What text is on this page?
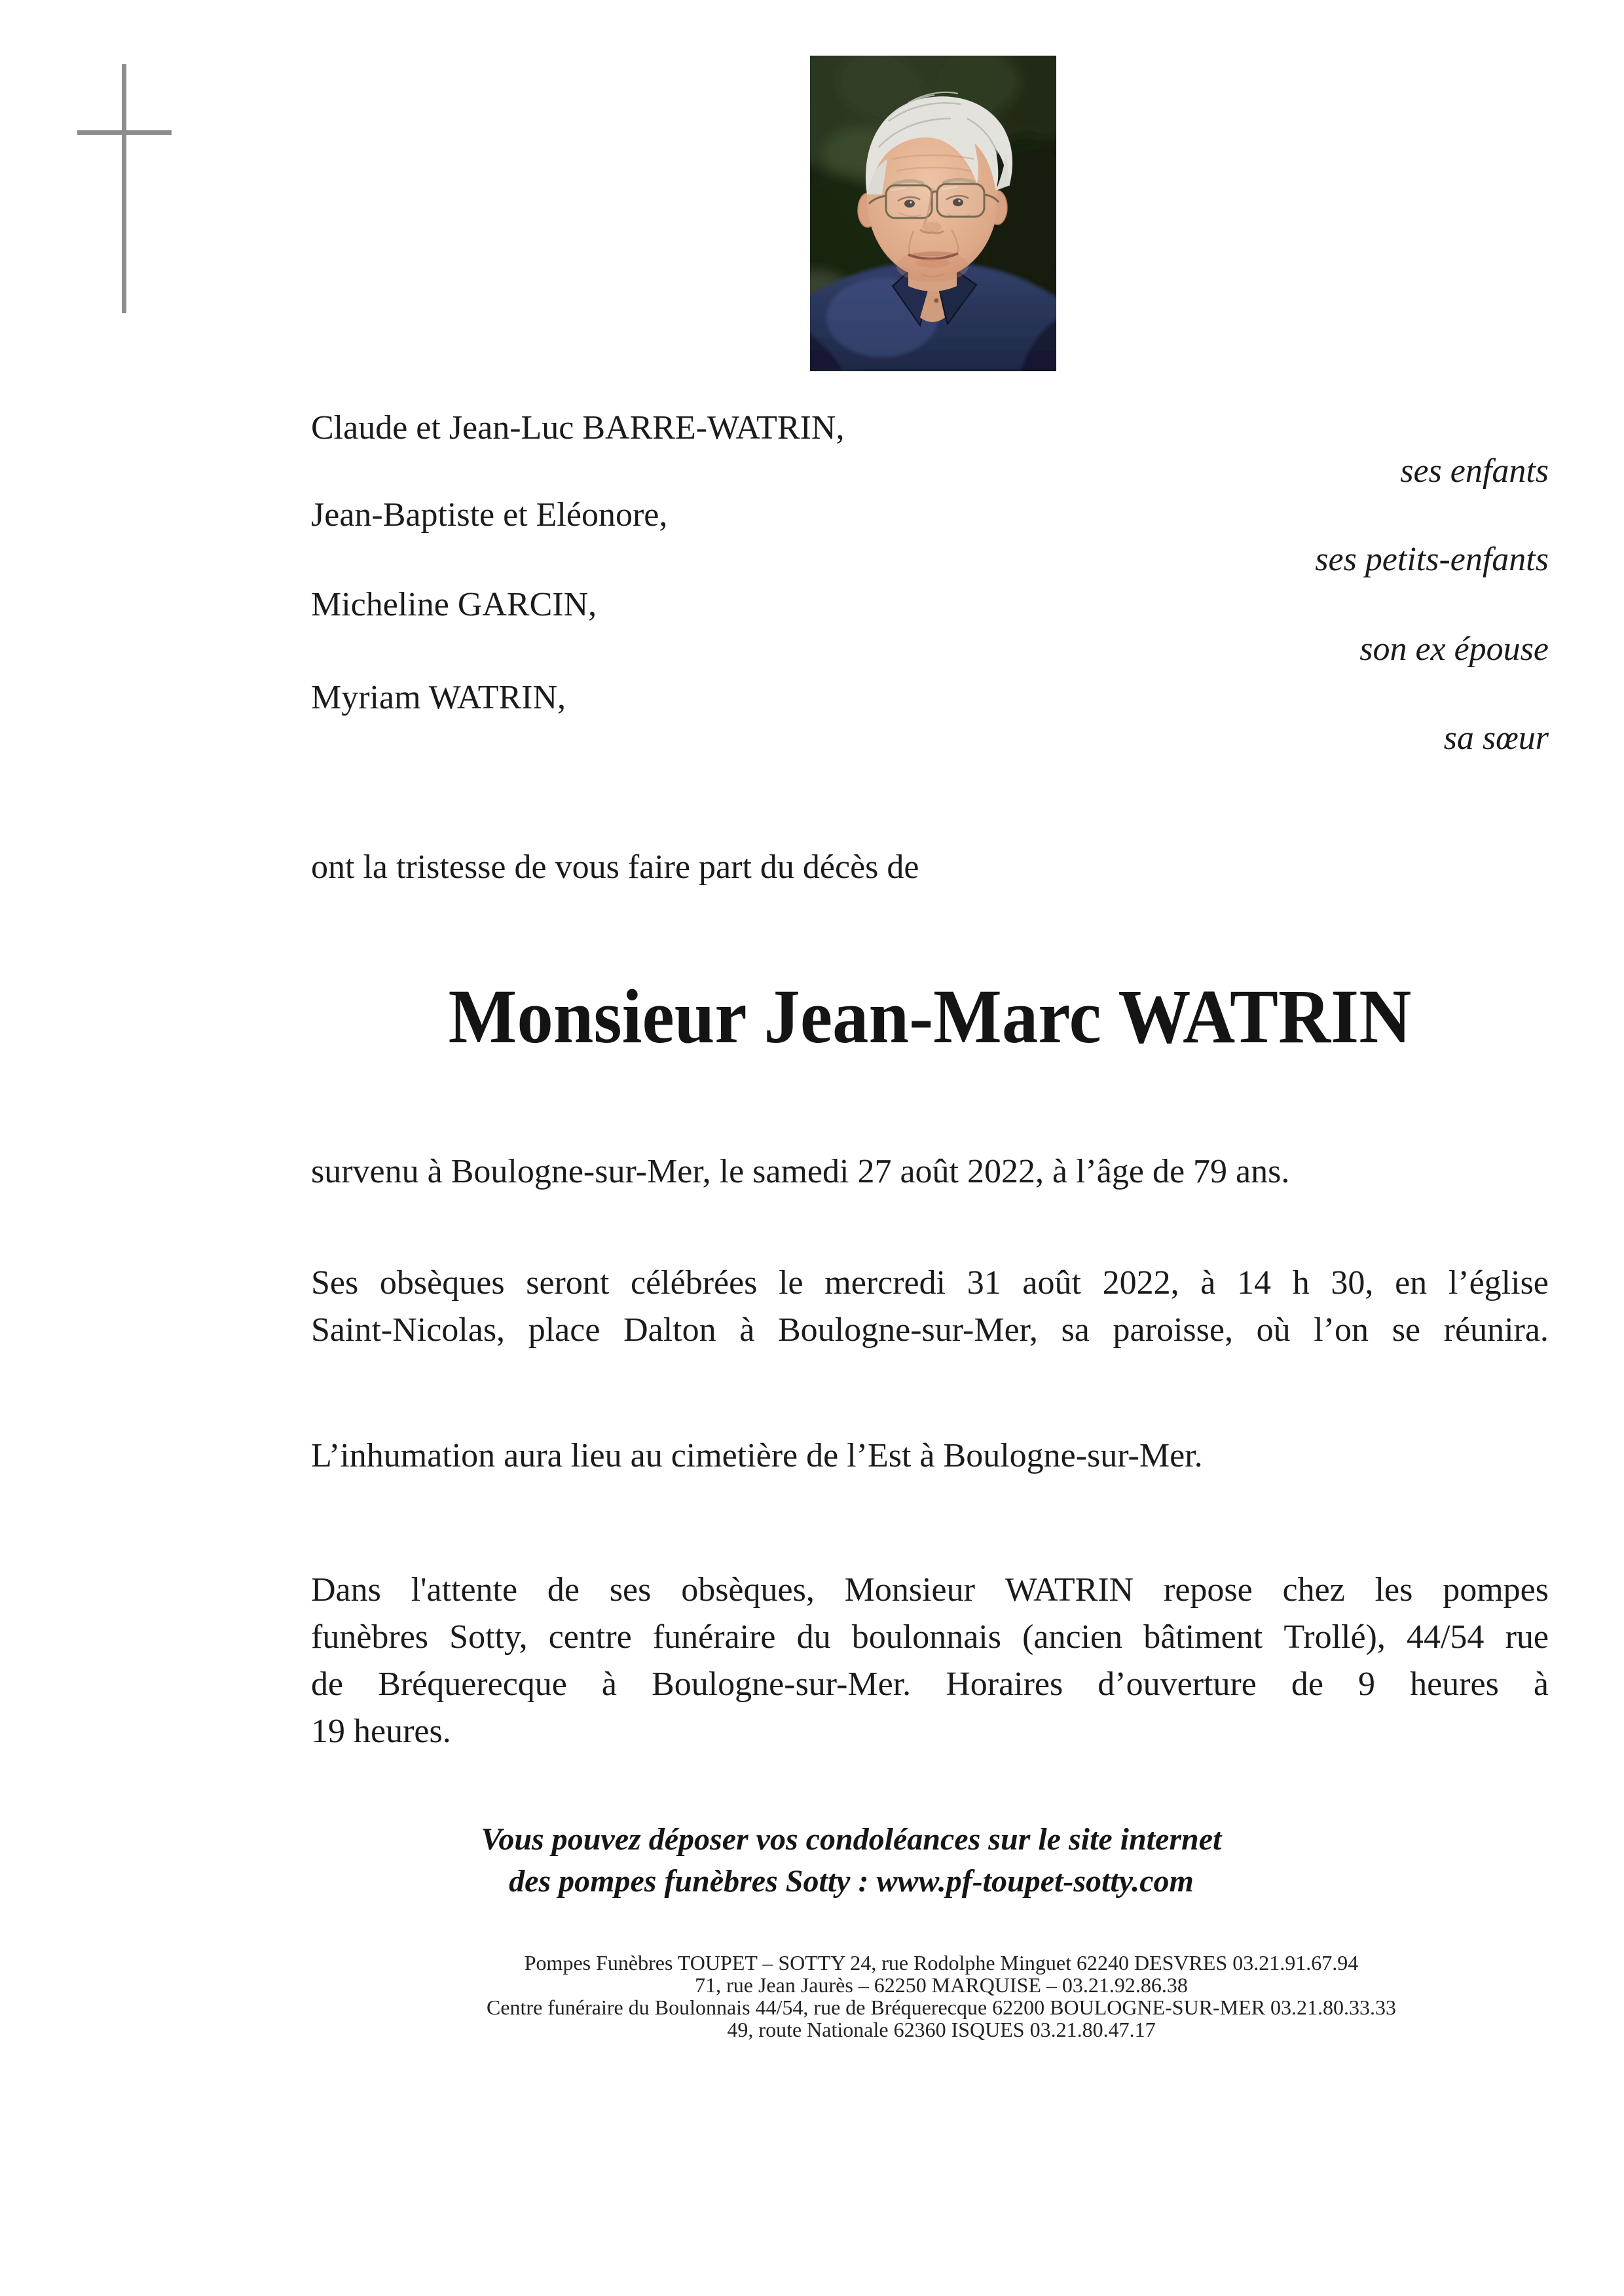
Claude et Jean-Luc BARRE-WATRIN,
Jean-Baptiste et Eléonore,
Micheline GARCIN,
Myriam WATRIN,
ses enfants
ses petits-enfants
son ex épouse
sa sœur
ont la tristesse de vous faire part du décès de
Monsieur Jean-Marc WATRIN
survenu à Boulogne-sur-Mer, le samedi 27 août 2022, à l’âge de 79 ans.
Ses obsèques seront célébrées le mercredi 31 août 2022, à 14 h 30, en l’église
Saint-Nicolas, place Dalton à Boulogne-sur-Mer, sa paroisse, où l’on se réunira.
L’inhumation aura lieu au cimetière de l’Est à Boulogne-sur-Mer.
Dans l'attente de ses obsèques, Monsieur WATRIN repose chez les pompes
funèbres Sotty, centre funéraire du boulonnais (ancien bâtiment Trollé), 44/54 rue
de Bréquerecque à Boulogne-sur-Mer. Horaires d’ouverture de 9 heures à
19 heures.
Vous pouvez déposer vos condoléances sur le site internet
des pompes funèbres Sotty : www.pf-toupet-sotty.com
Pompes Funèbres TOUPET – SOTTY 24, rue Rodolphe Minguet 62240 DESVRES 03.21.91.67.94
71, rue Jean Jaurès – 62250 MARQUISE – 03.21.92.86.38
Centre funéraire du Boulonnais 44/54, rue de Bréquerecque 62200 BOULOGNE-SUR-MER 03.21.80.33.33
49, route Nationale 62360 ISQUES 03.21.80.47.17
